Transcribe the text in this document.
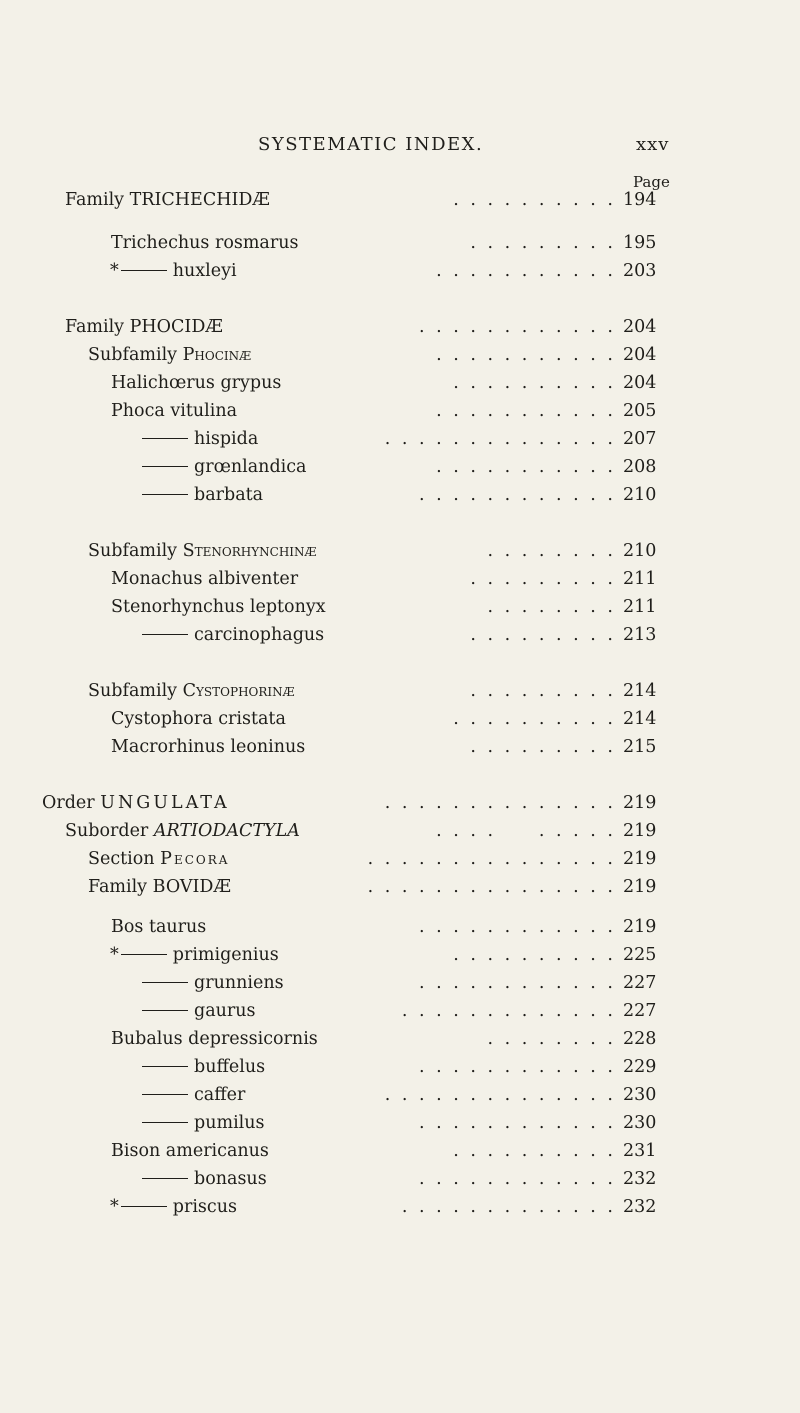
SYSTEMATIC INDEX.	xxv
Page
Family TRICHECHIDÆ	. . . . . . . . . . 194
Trichechus rosmarus	. . . . . . . . . 195
*	huxleyi	. . . . . . . . . . . 203
Family PHOCIDÆ	. . . . . . . . . . . . 204
Subfamily Phocinæ	. . . . . . . . . . . 204
Halichœrus grypus	. . . . . . . . . . 204
Phoca vitulina	. . . . . . . . . . . 205
hispida	. . . . . . . . . . . . . . 207
grœnlandica	. . . . . . . . . . . 208
barbata	. . . . . . . . . . . . 210
Subfamily Stenorhynchinæ	. . . . . . . . 210
Monachus albiventer	. . . . . . . . . 211
Stenorhynchus leptonyx	. . . . . . . . 211
carcinophagus	. . . . . . . . . 213
Subfamily Cystophorinæ	. . . . . . . . . 214
Cystophora cristata	. . . . . . . . . . 214
Macrorhinus leoninus	. . . . . . . . . 215
Order UNGULATA	. . . . . . . . . . . . . . 219
Suborder ARTIODACTYLA	. . . .     . . . . . 219
Section Pecora	. . . . . . . . . . . . . . . 219
Family BOVIDÆ	. . . . . . . . . . . . . . . 219
Bos taurus	. . . . . . . . . . . . 219
*	primigenius	. . . . . . . . . . 225
grunniens	. . . . . . . . . . . . 227
gaurus	. . . . . . . . . . . . . 227
Bubalus depressicornis	. . . . . . . . 228
buffelus	. . . . . . . . . . . . 229
caffer	. . . . . . . . . . . . . . 230
pumilus	. . . . . . . . . . . . 230
Bison americanus	. . . . . . . . . . 231
bonasus	. . . . . . . . . . . . 232
*	priscus	. . . . . . . . . . . . . 232
